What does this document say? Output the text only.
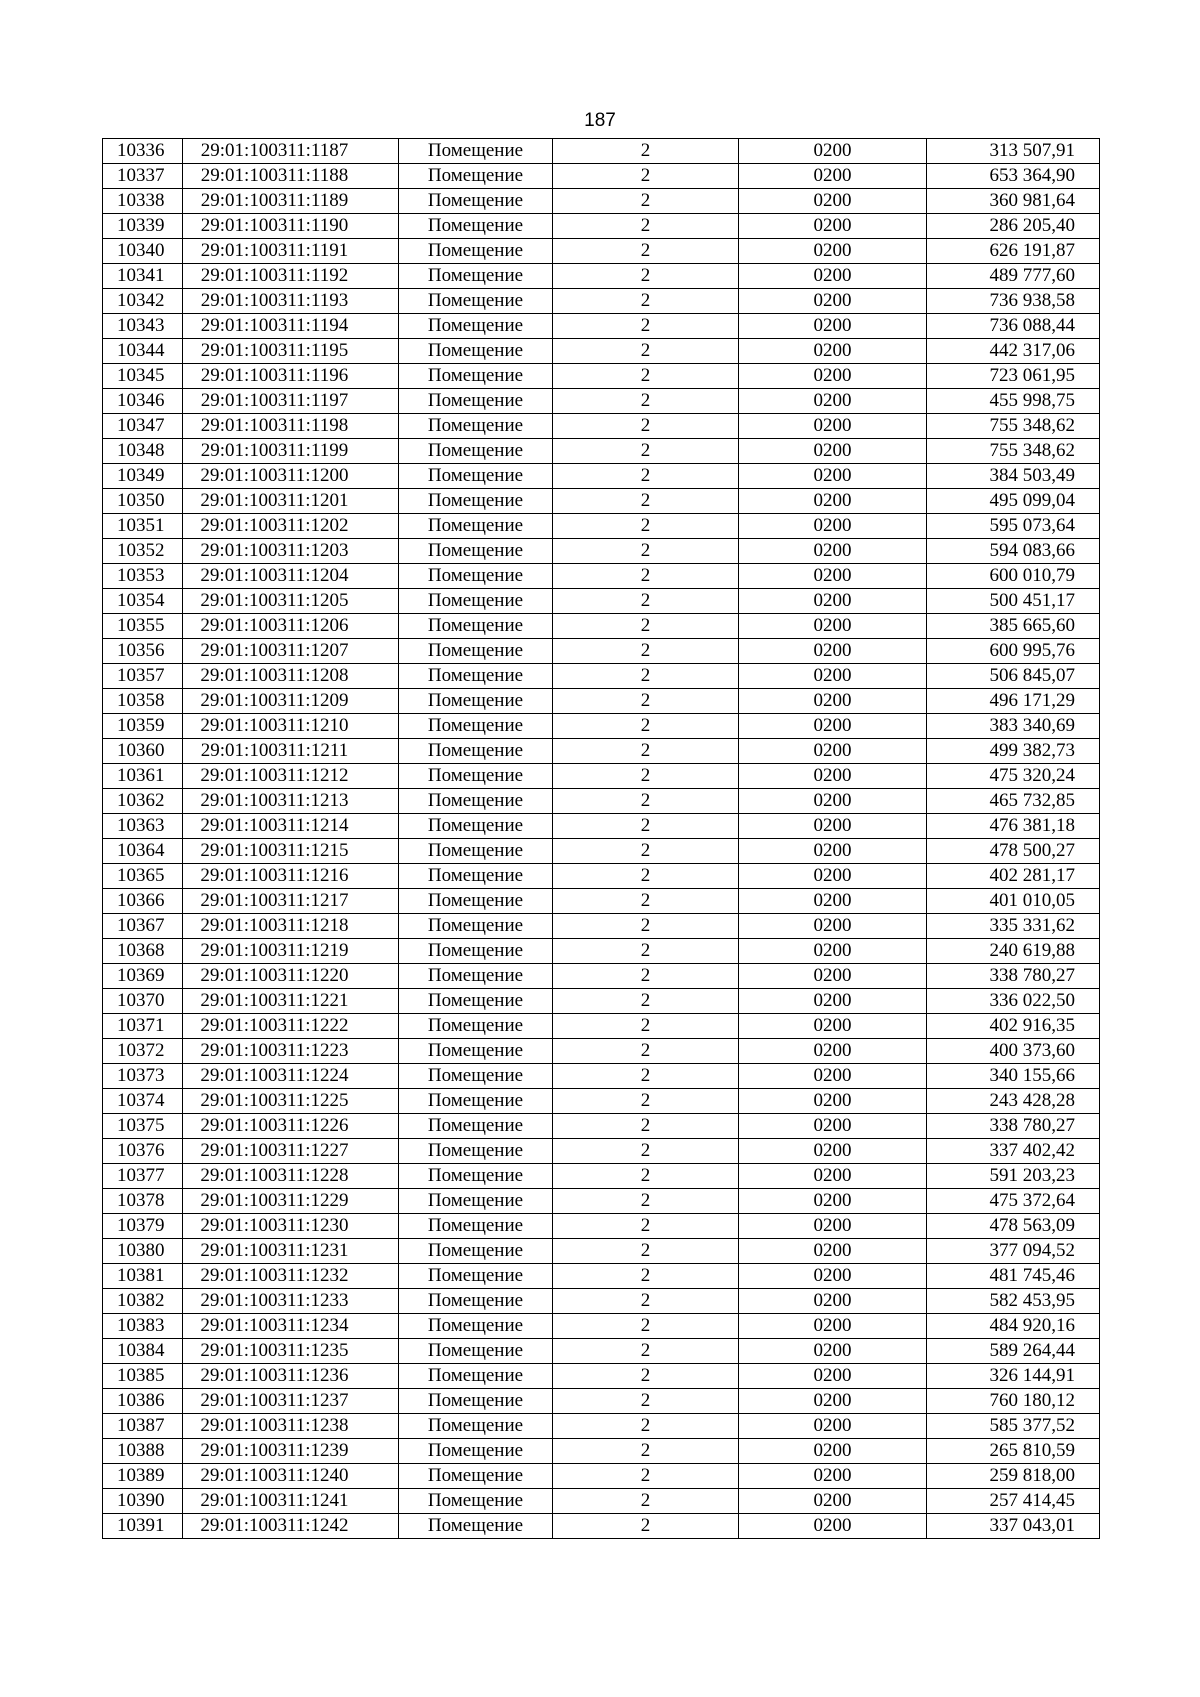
187
10336	29:01:100311:1187	Помещение	2	0200	313 507,91
10337	29:01:100311:1188	Помещение	2	0200	653 364,90
10338	29:01:100311:1189	Помещение	2	0200	360 981,64
10339	29:01:100311:1190	Помещение	2	0200	286 205,40
10340	29:01:100311:1191	Помещение	2	0200	626 191,87
10341	29:01:100311:1192	Помещение	2	0200	489 777,60
10342	29:01:100311:1193	Помещение	2	0200	736 938,58
10343	29:01:100311:1194	Помещение	2	0200	736 088,44
10344	29:01:100311:1195	Помещение	2	0200	442 317,06
10345	29:01:100311:1196	Помещение	2	0200	723 061,95
10346	29:01:100311:1197	Помещение	2	0200	455 998,75
10347	29:01:100311:1198	Помещение	2	0200	755 348,62
10348	29:01:100311:1199	Помещение	2	0200	755 348,62
10349	29:01:100311:1200	Помещение	2	0200	384 503,49
10350	29:01:100311:1201	Помещение	2	0200	495 099,04
10351	29:01:100311:1202	Помещение	2	0200	595 073,64
10352	29:01:100311:1203	Помещение	2	0200	594 083,66
10353	29:01:100311:1204	Помещение	2	0200	600 010,79
10354	29:01:100311:1205	Помещение	2	0200	500 451,17
10355	29:01:100311:1206	Помещение	2	0200	385 665,60
10356	29:01:100311:1207	Помещение	2	0200	600 995,76
10357	29:01:100311:1208	Помещение	2	0200	506 845,07
10358	29:01:100311:1209	Помещение	2	0200	496 171,29
10359	29:01:100311:1210	Помещение	2	0200	383 340,69
10360	29:01:100311:1211	Помещение	2	0200	499 382,73
10361	29:01:100311:1212	Помещение	2	0200	475 320,24
10362	29:01:100311:1213	Помещение	2	0200	465 732,85
10363	29:01:100311:1214	Помещение	2	0200	476 381,18
10364	29:01:100311:1215	Помещение	2	0200	478 500,27
10365	29:01:100311:1216	Помещение	2	0200	402 281,17
10366	29:01:100311:1217	Помещение	2	0200	401 010,05
10367	29:01:100311:1218	Помещение	2	0200	335 331,62
10368	29:01:100311:1219	Помещение	2	0200	240 619,88
10369	29:01:100311:1220	Помещение	2	0200	338 780,27
10370	29:01:100311:1221	Помещение	2	0200	336 022,50
10371	29:01:100311:1222	Помещение	2	0200	402 916,35
10372	29:01:100311:1223	Помещение	2	0200	400 373,60
10373	29:01:100311:1224	Помещение	2	0200	340 155,66
10374	29:01:100311:1225	Помещение	2	0200	243 428,28
10375	29:01:100311:1226	Помещение	2	0200	338 780,27
10376	29:01:100311:1227	Помещение	2	0200	337 402,42
10377	29:01:100311:1228	Помещение	2	0200	591 203,23
10378	29:01:100311:1229	Помещение	2	0200	475 372,64
10379	29:01:100311:1230	Помещение	2	0200	478 563,09
10380	29:01:100311:1231	Помещение	2	0200	377 094,52
10381	29:01:100311:1232	Помещение	2	0200	481 745,46
10382	29:01:100311:1233	Помещение	2	0200	582 453,95
10383	29:01:100311:1234	Помещение	2	0200	484 920,16
10384	29:01:100311:1235	Помещение	2	0200	589 264,44
10385	29:01:100311:1236	Помещение	2	0200	326 144,91
10386	29:01:100311:1237	Помещение	2	0200	760 180,12
10387	29:01:100311:1238	Помещение	2	0200	585 377,52
10388	29:01:100311:1239	Помещение	2	0200	265 810,59
10389	29:01:100311:1240	Помещение	2	0200	259 818,00
10390	29:01:100311:1241	Помещение	2	0200	257 414,45
10391	29:01:100311:1242	Помещение	2	0200	337 043,01
